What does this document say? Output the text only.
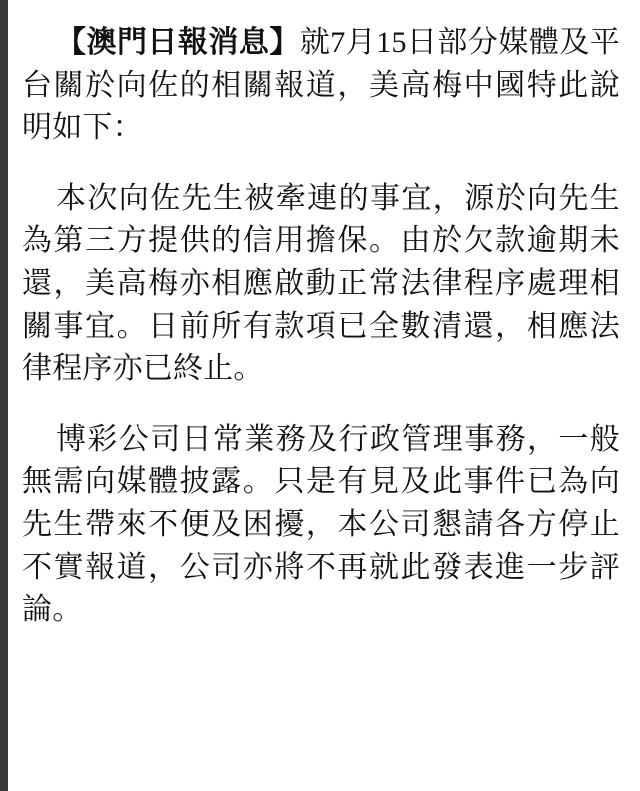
【澳門日報消息】就7月15日部分媒體及平台關於向佐的相關報道，美高梅中國特此說明如下：

本次向佐先生被牽連的事宜，源於向先生為第三方提供的信用擔保。由於欠款逾期未還，美高梅亦相應啟動正常法律程序處理相關事宜。日前所有款項已全數清還，相應法律程序亦已終止。

博彩公司日常業務及行政管理事務，一般無需向媒體披露。只是有見及此事件已為向先生帶來不便及困擾，本公司懇請各方停止不實報道，公司亦將不再就此發表進一步評論。
